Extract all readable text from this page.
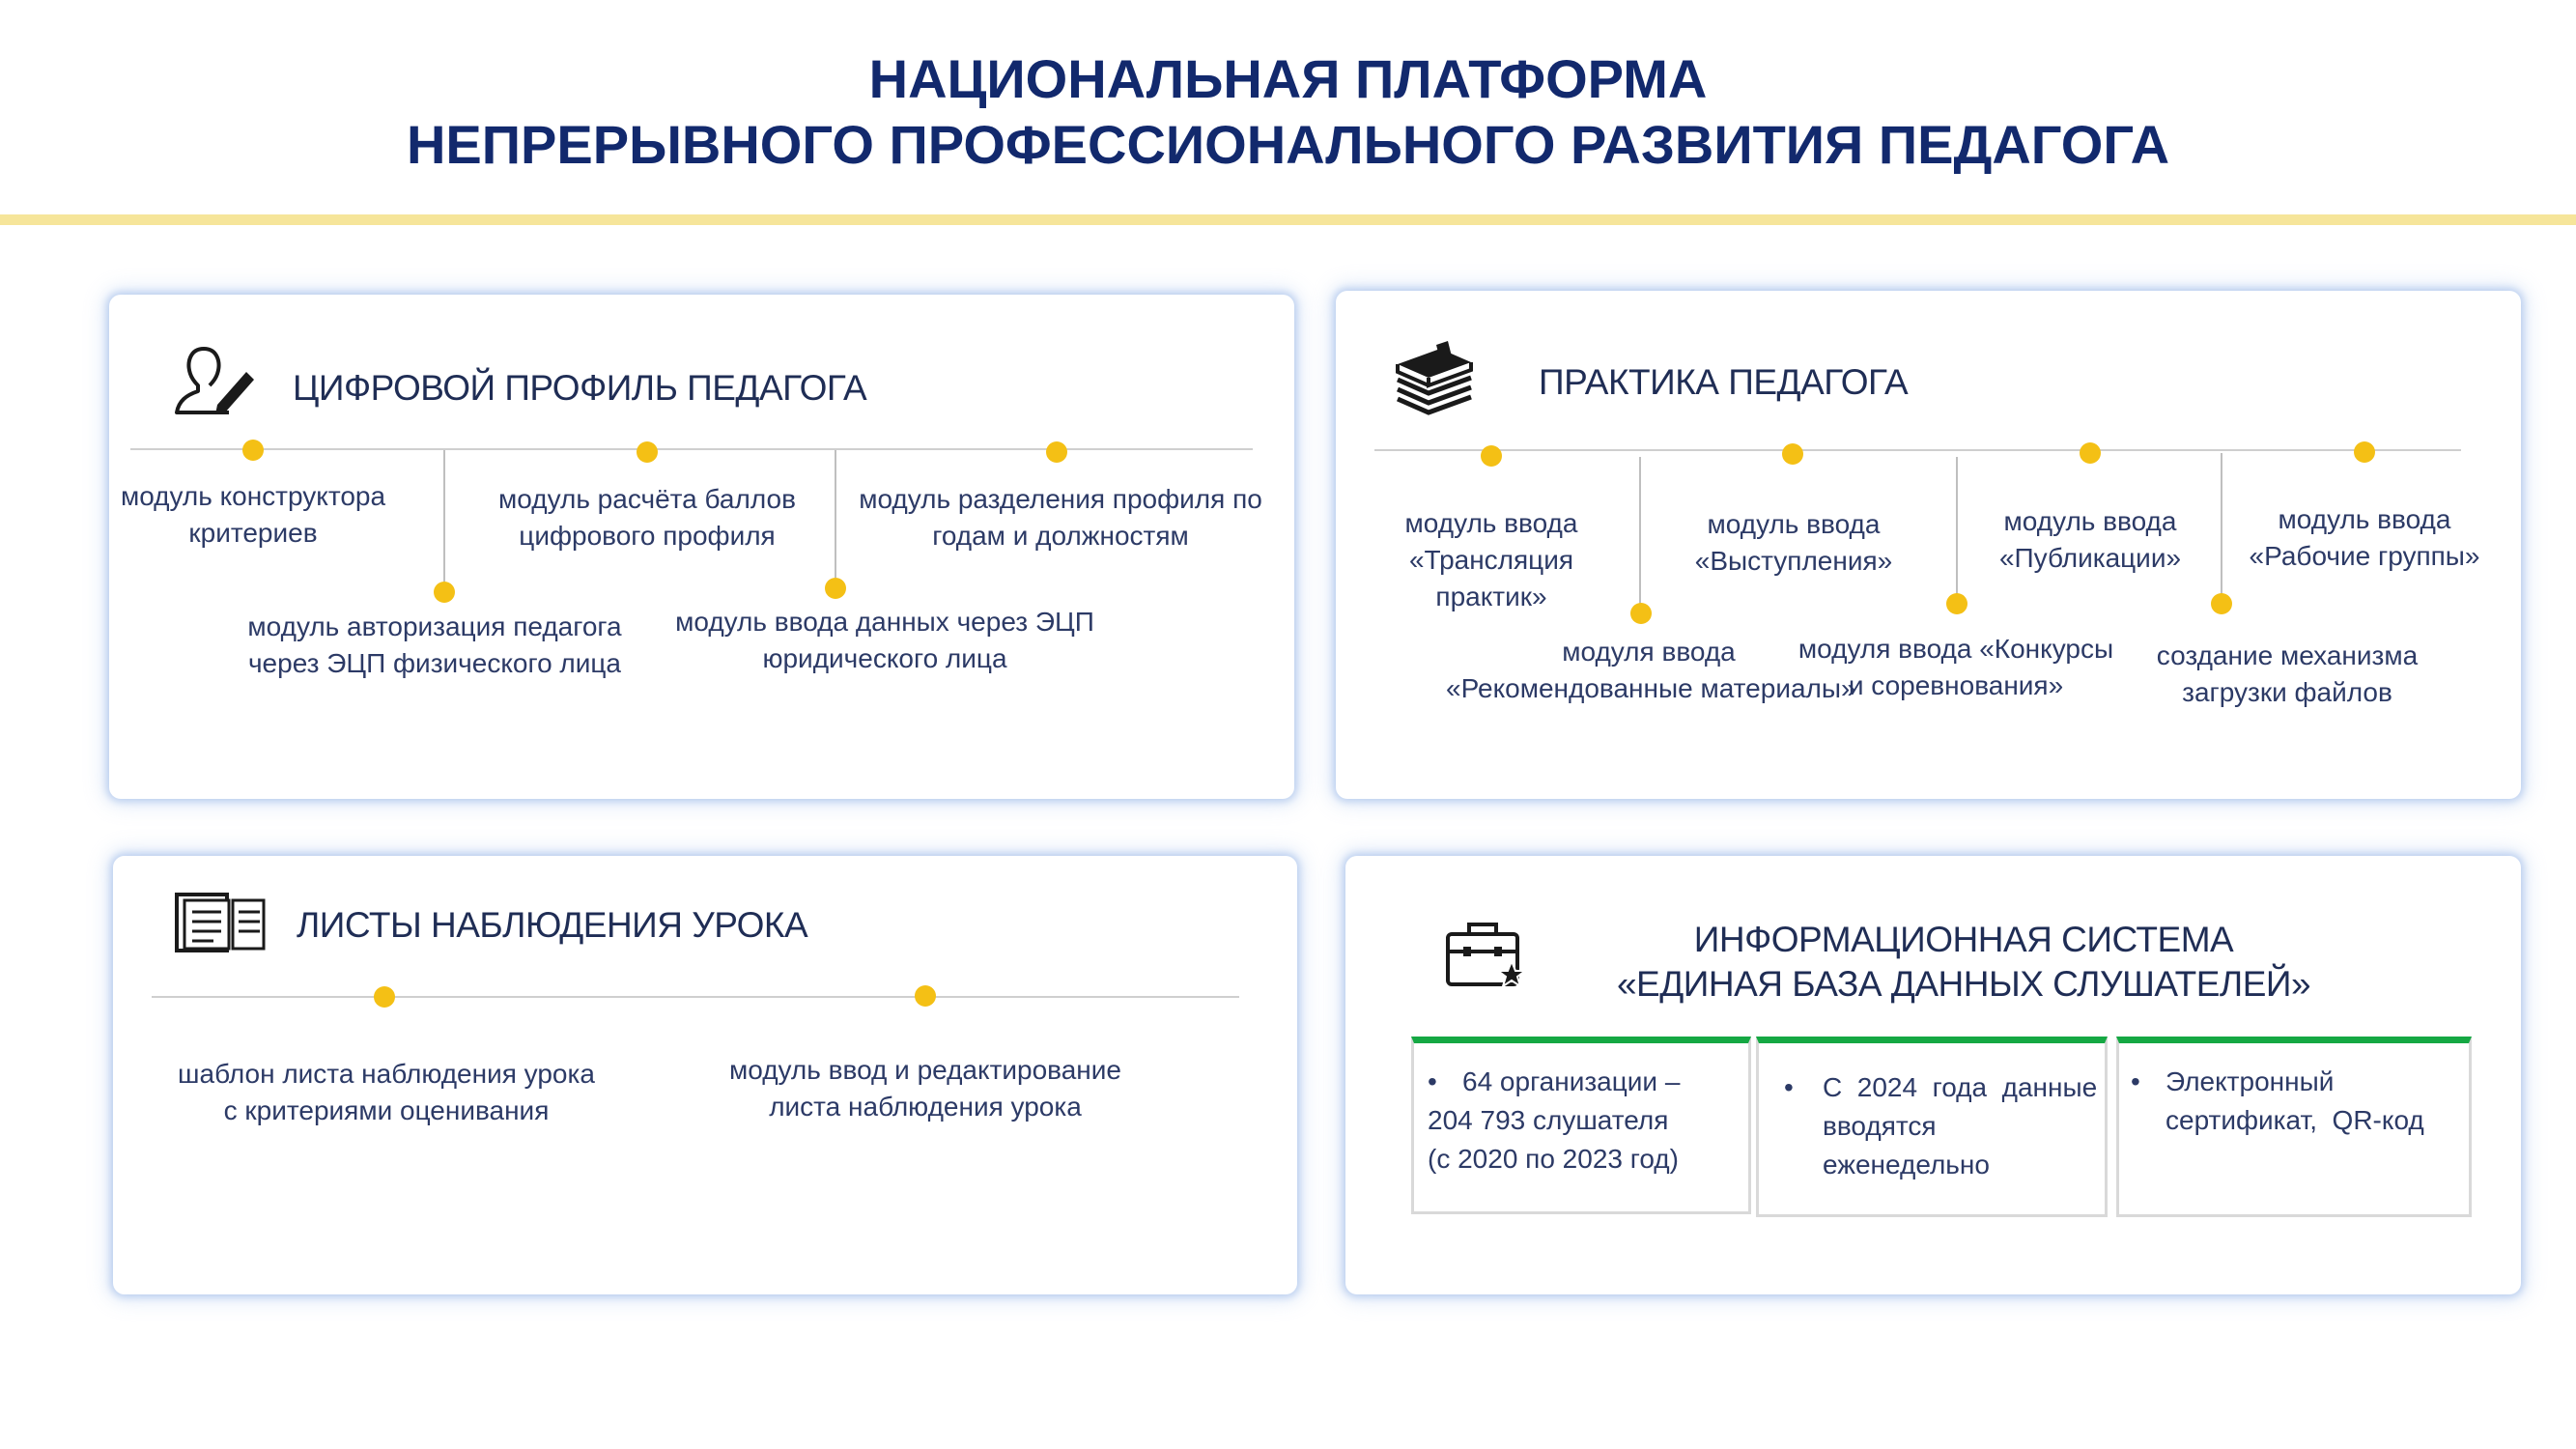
НАЦИОНАЛЬНАЯ ПЛАТФОРМА
НЕПРЕРЫВНОГО ПРОФЕССИОНАЛЬНОГО РАЗВИТИЯ ПЕДАГОГА
ЦИФРОВОЙ ПРОФИЛЬ ПЕДАГОГА
модуль конструктора
критериев
модуль авторизация педагога
через ЭЦП физического лица
модуль расчёта баллов
цифрового профиля
модуль ввода данных через ЭЦП
юридического лица
модуль разделения профиля по
годам и должностям
ПРАКТИКА ПЕДАГОГА
модуль ввода
«Трансляция
практик»
модуля ввода
«Рекомендованные материалы»
модуль ввода
«Выступления»
модуля ввода «Конкурсы
и соревнования»
модуль ввода
«Публикации»
создание механизма
загрузки файлов
модуль ввода
«Рабочие группы»
ЛИСТЫ НАБЛЮДЕНИЯ УРОКА
шаблон листа наблюдения урока
с критериями оценивания
модуль ввод и редактирование
листа наблюдения урока
ИНФОРМАЦИОННАЯ СИСТЕМА
«ЕДИНАЯ БАЗА ДАННЫХ СЛУШАТЕЛЕЙ»
• 64 организации –
204 793 слушателя
(с 2020 по 2023 год)
• С  2024  года  данные
вводятся
еженедельно
• Электронный
сертификат,  QR-код
